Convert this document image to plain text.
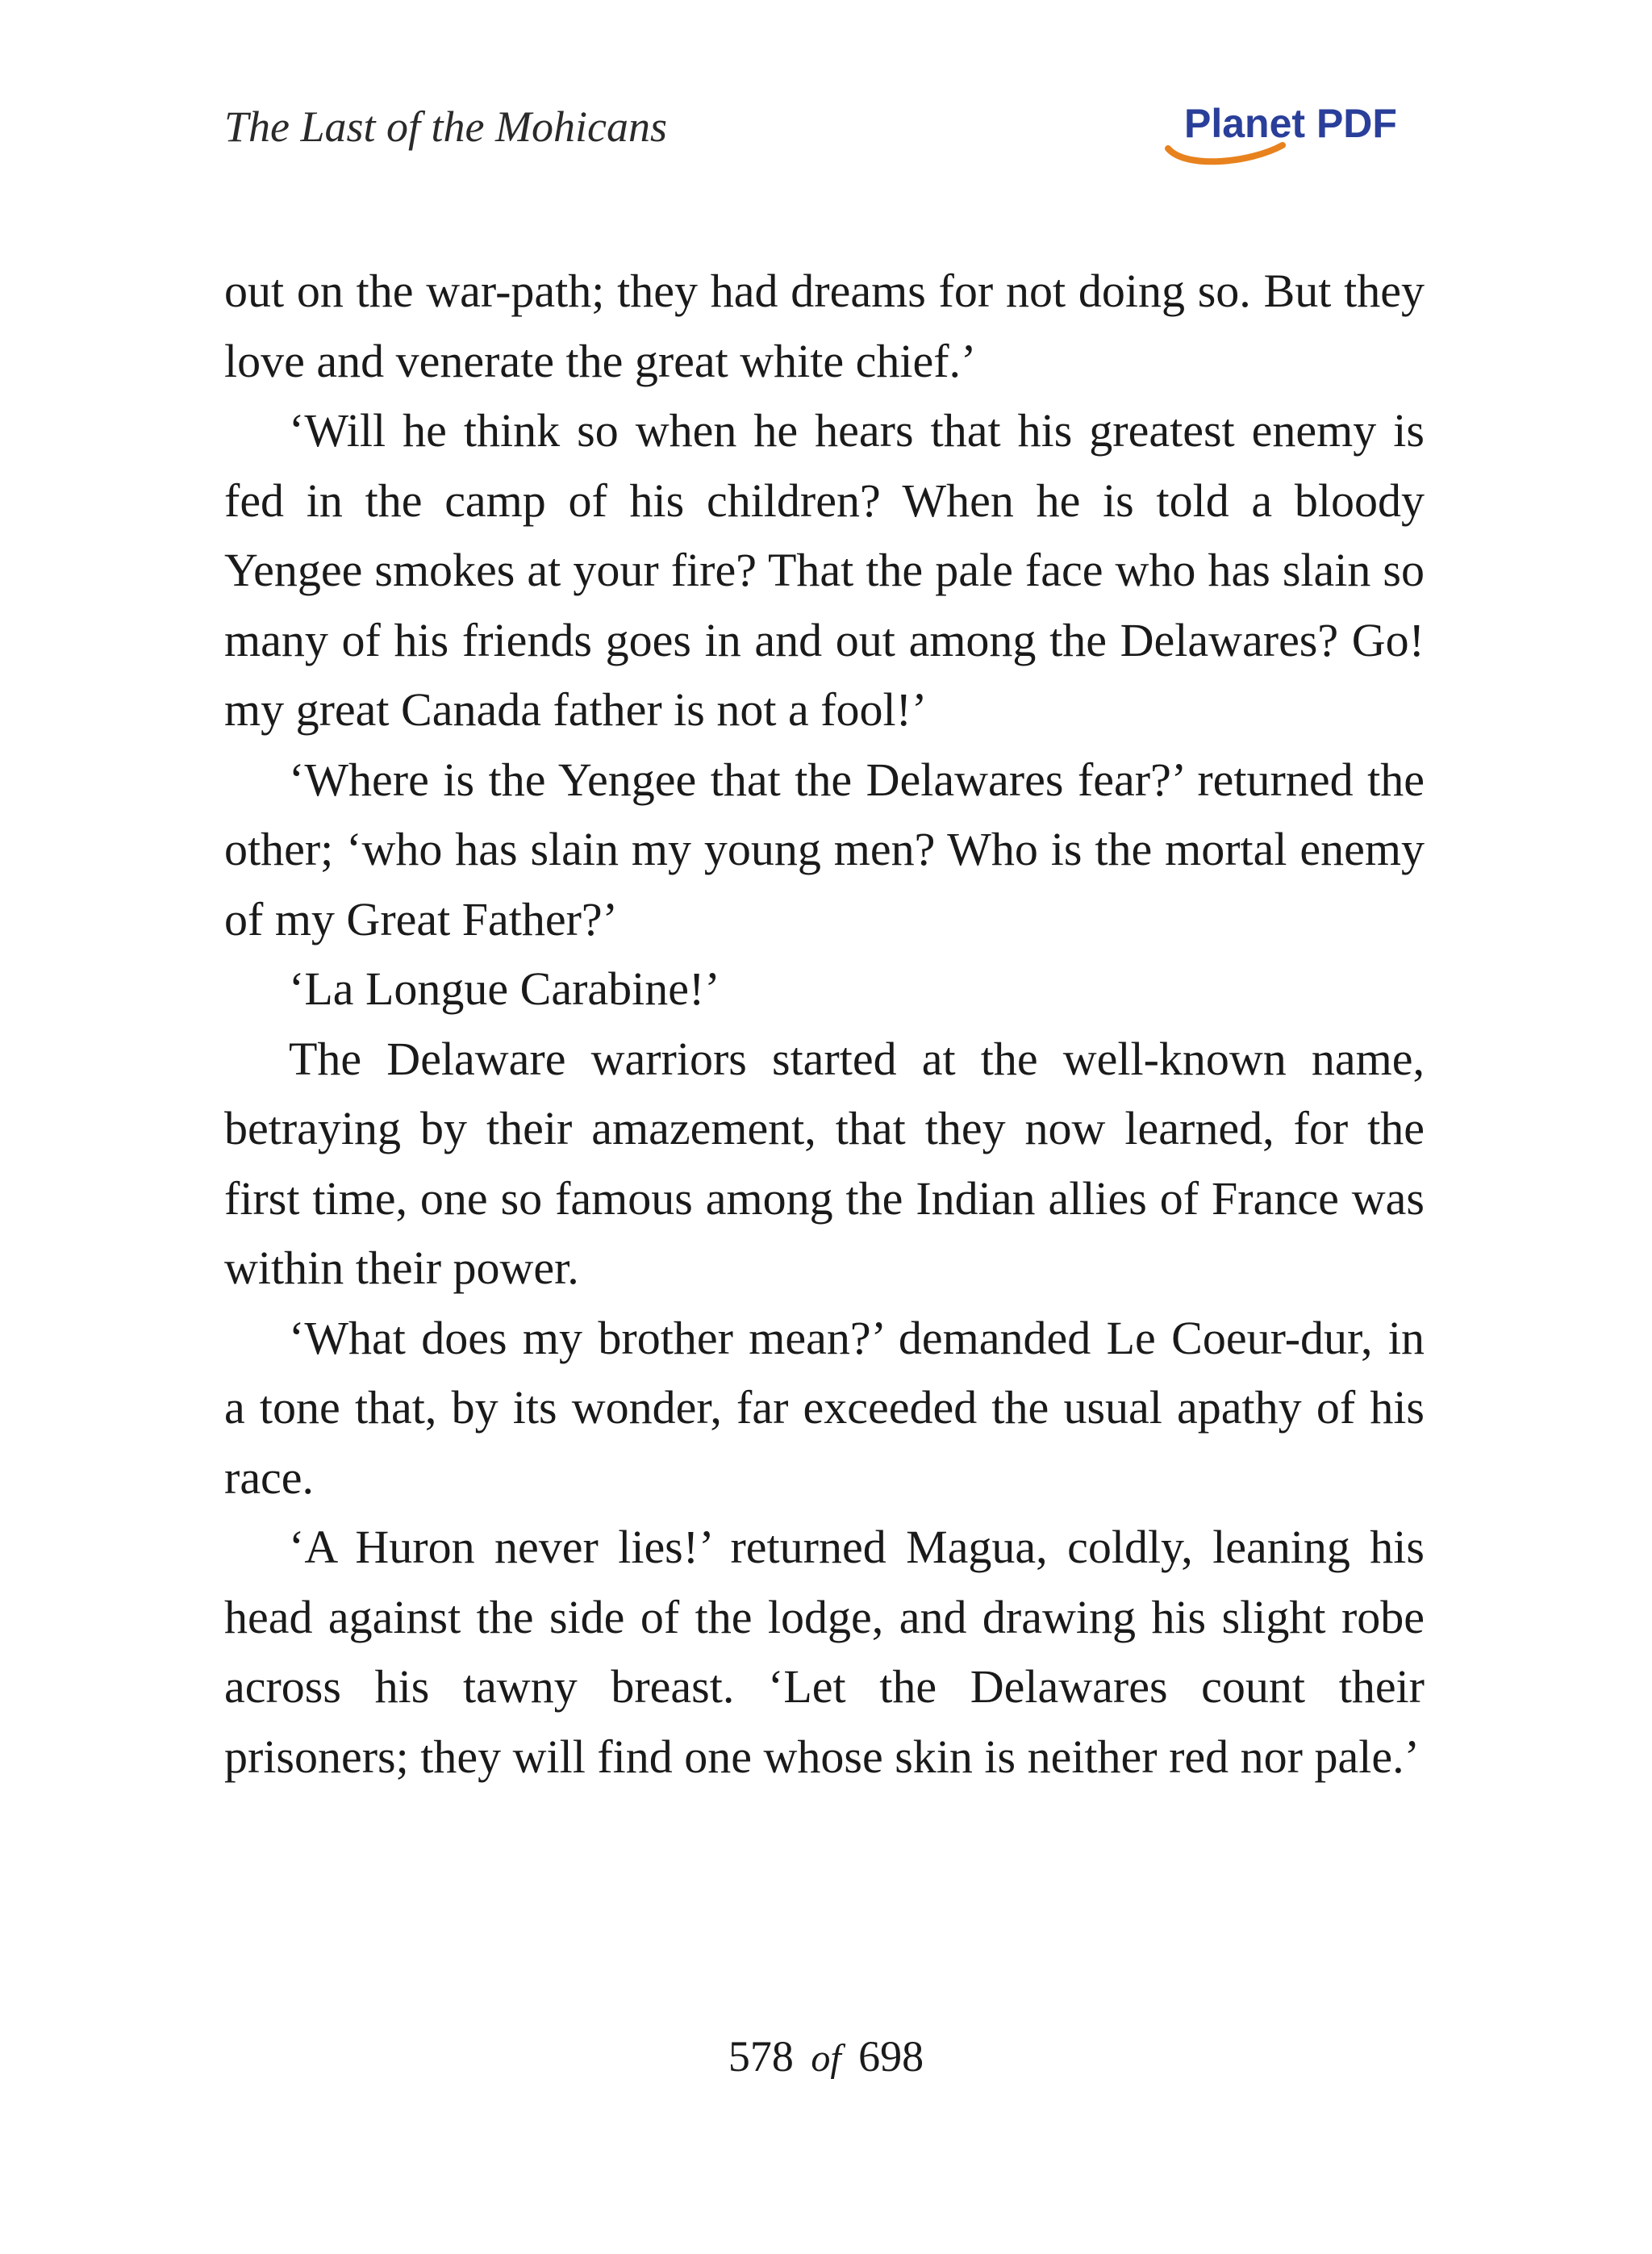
The Last of the Mohicans	Planet PDF

out on the war-path; they had dreams for not doing so. But they love and venerate the great white chief.’

‘Will he think so when he hears that his greatest enemy is fed in the camp of his children? When he is told a bloody Yengee smokes at your fire? That the pale face who has slain so many of his friends goes in and out among the Delawares? Go! my great Canada father is not a fool!’

‘Where is the Yengee that the Delawares fear?’ returned the other; ‘who has slain my young men? Who is the mortal enemy of my Great Father?’

‘La Longue Carabine!’

The Delaware warriors started at the well-known name, betraying by their amazement, that they now learned, for the first time, one so famous among the Indian allies of France was within their power.

‘What does my brother mean?’ demanded Le Coeur-dur, in a tone that, by its wonder, far exceeded the usual apathy of his race.

‘A Huron never lies!’ returned Magua, coldly, leaning his head against the side of the lodge, and drawing his slight robe across his tawny breast. ‘Let the Delawares count their prisoners; they will find one whose skin is neither red nor pale.’

578 of 698
